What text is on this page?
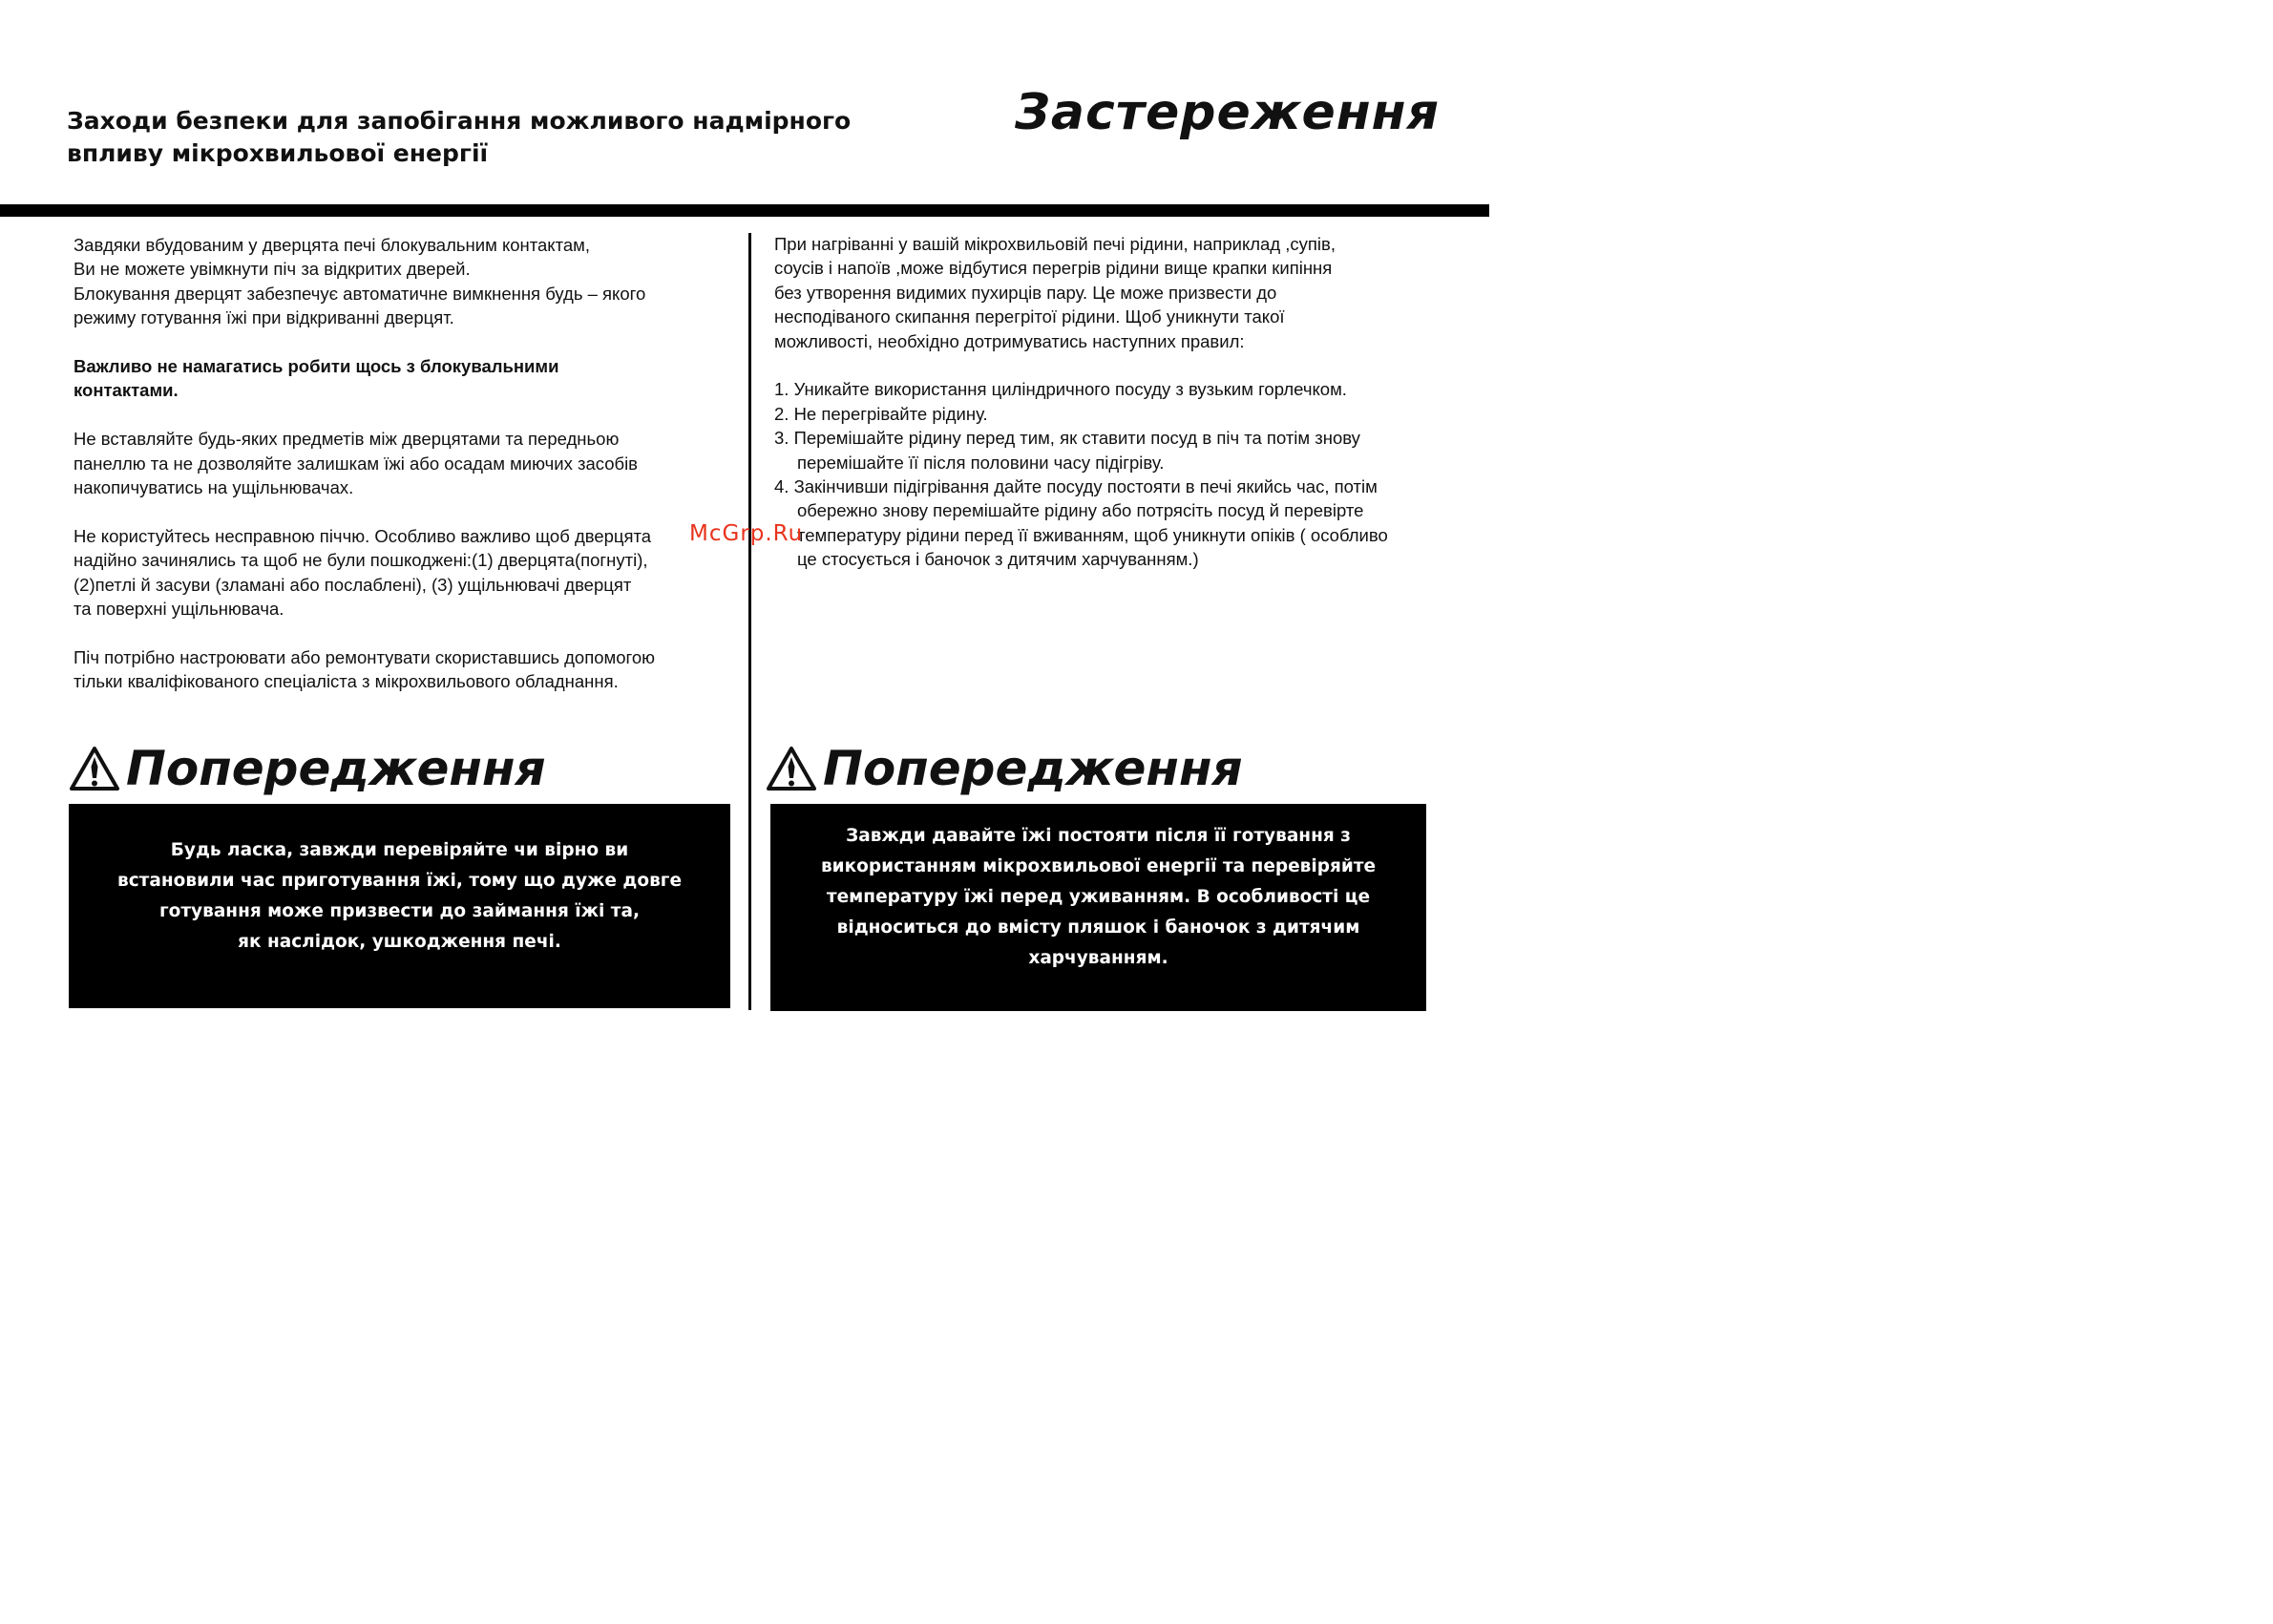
Заходи безпеки для запобігання можливого надмірного
впливу мікрохвильової енергії
Застереження

Завдяки вбудованим у дверцята печі блокувальним контактам,
Ви не можете увімкнути піч за відкритих дверей.
Блокування дверцят забезпечує автоматичне вимкнення будь – якого
режиму готування їжі при відкриванні дверцят.

Важливо не намагатись робити щось з блокувальними
контактами.

Не вставляйте будь-яких предметів між дверцятами та передньою
панеллю та не дозволяйте залишкам їжі або осадам миючих засобів
накопичуватись на ущільнювачах.

Не користуйтесь несправною піччю. Особливо важливо щоб дверцята
надійно зачинялись та щоб не були пошкоджені:(1) дверцята(погнуті),
(2)петлі й засуви (зламані або послаблені), (3) ущільнювачі дверцят
та поверхні ущільнювача.

Піч потрібно настроювати або ремонтувати скориставшись допомогою
тільки кваліфікованого спеціаліста з мікрохвильового обладнання.

При нагріванні у вашій мікрохвильовій печі рідини, наприклад ,супів,
соусів і напоїв ,може відбутися перегрів рідини вище крапки кипіння
без утворення видимих пухирців пару. Це може призвести до
несподіваного скипання перегрітої рідини. Щоб уникнути такої
можливості, необхідно дотримуватись наступних правил:

1. Уникайте використання циліндричного посуду з вузьким горлечком.
2. Не перегрівайте рідину.
3. Перемішайте рідину перед тим, як ставити посуд в піч та потім знову
перемішайте її після половини часу підігріву.
4. Закінчивши підігрівання дайте посуду постояти в печі якийсь час, потім
обережно знову перемішайте рідину або потрясіть посуд й перевірте
температуру рідини перед її вживанням, щоб уникнути опіків ( особливо
це стосується і баночок з дитячим харчуванням.)
McGrp.Ru
Попередження
Будь ласка, завжди перевіряйте чи вірно ви
встановили час приготування їжі, тому що дуже довге
готування може призвести до займання їжі та,
як наслідок, ушкодження печі.
Попередження
Завжди давайте їжі постояти після її готування з
використанням мікрохвильової енергії та перевіряйте
температуру їжі перед уживанням. В особливості це
відноситься до вмісту пляшок і баночок з дитячим
харчуванням.
